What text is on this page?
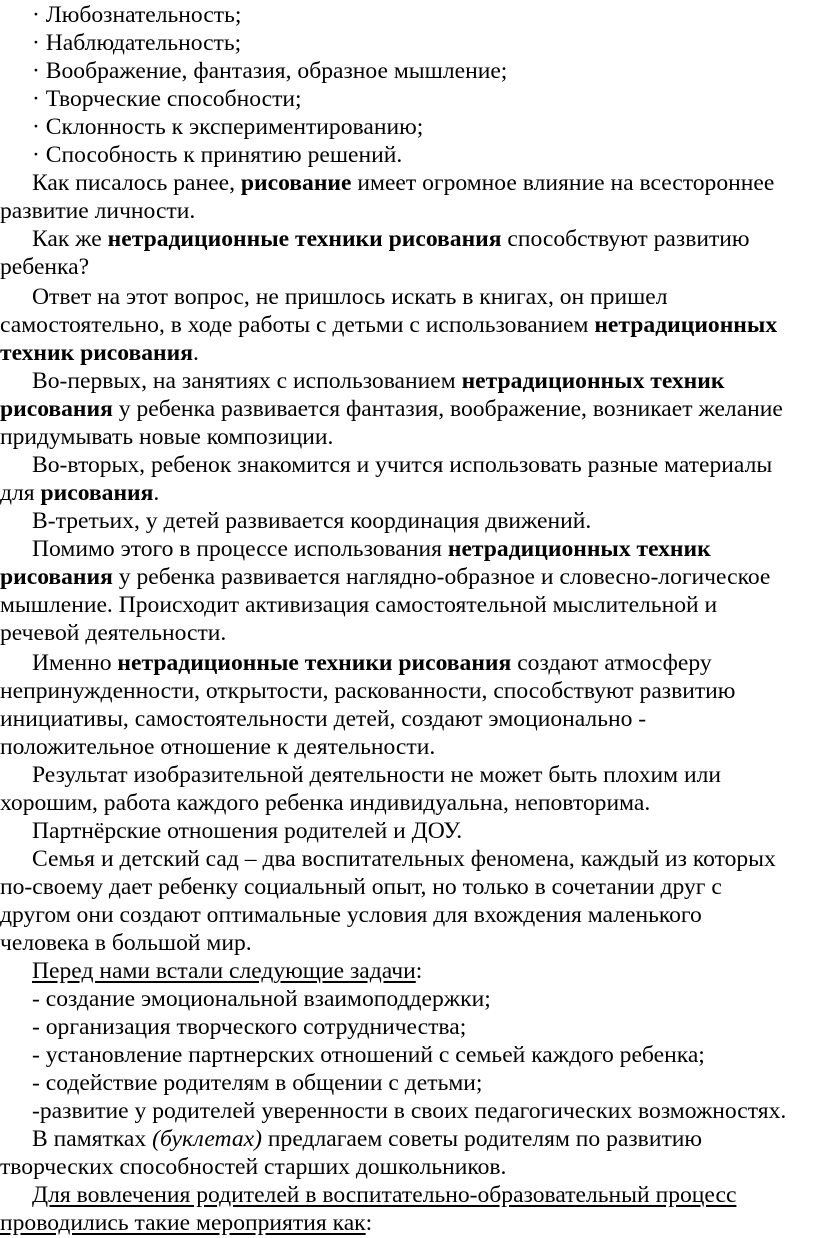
· Любознательность;
· Наблюдательность;
· Воображение, фантазия, образное мышление;
· Творческие способности;
· Склонность к экспериментированию;
· Способность к принятию решений.
Как писалось ранее, рисование имеет огромное влияние на всестороннее
развитие личности.
Как же нетрадиционные техники рисования способствуют развитию
ребенка?
Ответ на этот вопрос, не пришлось искать в книгах, он пришел
самостоятельно, в ходе работы с детьми с использованием нетрадиционных
техник рисования.
Во-первых, на занятиях с использованием нетрадиционных техник
рисования у ребенка развивается фантазия, воображение, возникает желание
придумывать новые композиции.
Во-вторых, ребенок знакомится и учится использовать разные материалы
для рисования.
В-третьих, у детей развивается координация движений.
Помимо этого в процессе использования нетрадиционных техник
рисования у ребенка развивается наглядно-образное и словесно-логическое
мышление. Происходит активизация самостоятельной мыслительной и
речевой деятельности.
Именно нетрадиционные техники рисования создают атмосферу
непринужденности, открытости, раскованности, способствуют развитию
инициативы, самостоятельности детей, создают эмоционально -
положительное отношение к деятельности.
Результат изобразительной деятельности не может быть плохим или
хорошим, работа каждого ребенка индивидуальна, неповторима.
Партнёрские отношения родителей и ДОУ.
Семья и детский сад – два воспитательных феномена, каждый из которых
по-своему дает ребенку социальный опыт, но только в сочетании друг с
другом они создают оптимальные условия для вхождения маленького
человека в большой мир.
Перед нами встали следующие задачи:
- создание эмоциональной взаимоподдержки;
- организация творческого сотрудничества;
- установление партнерских отношений с семьей каждого ребенка;
- содействие родителям в общении с детьми;
-развитие у родителей уверенности в своих педагогических возможностях.
В памятках (буклетах) предлагаем советы родителям по развитию
творческих способностей старших дошкольников.
Для вовлечения родителей в воспитательно-образовательный процесс
проводились такие мероприятия как:
